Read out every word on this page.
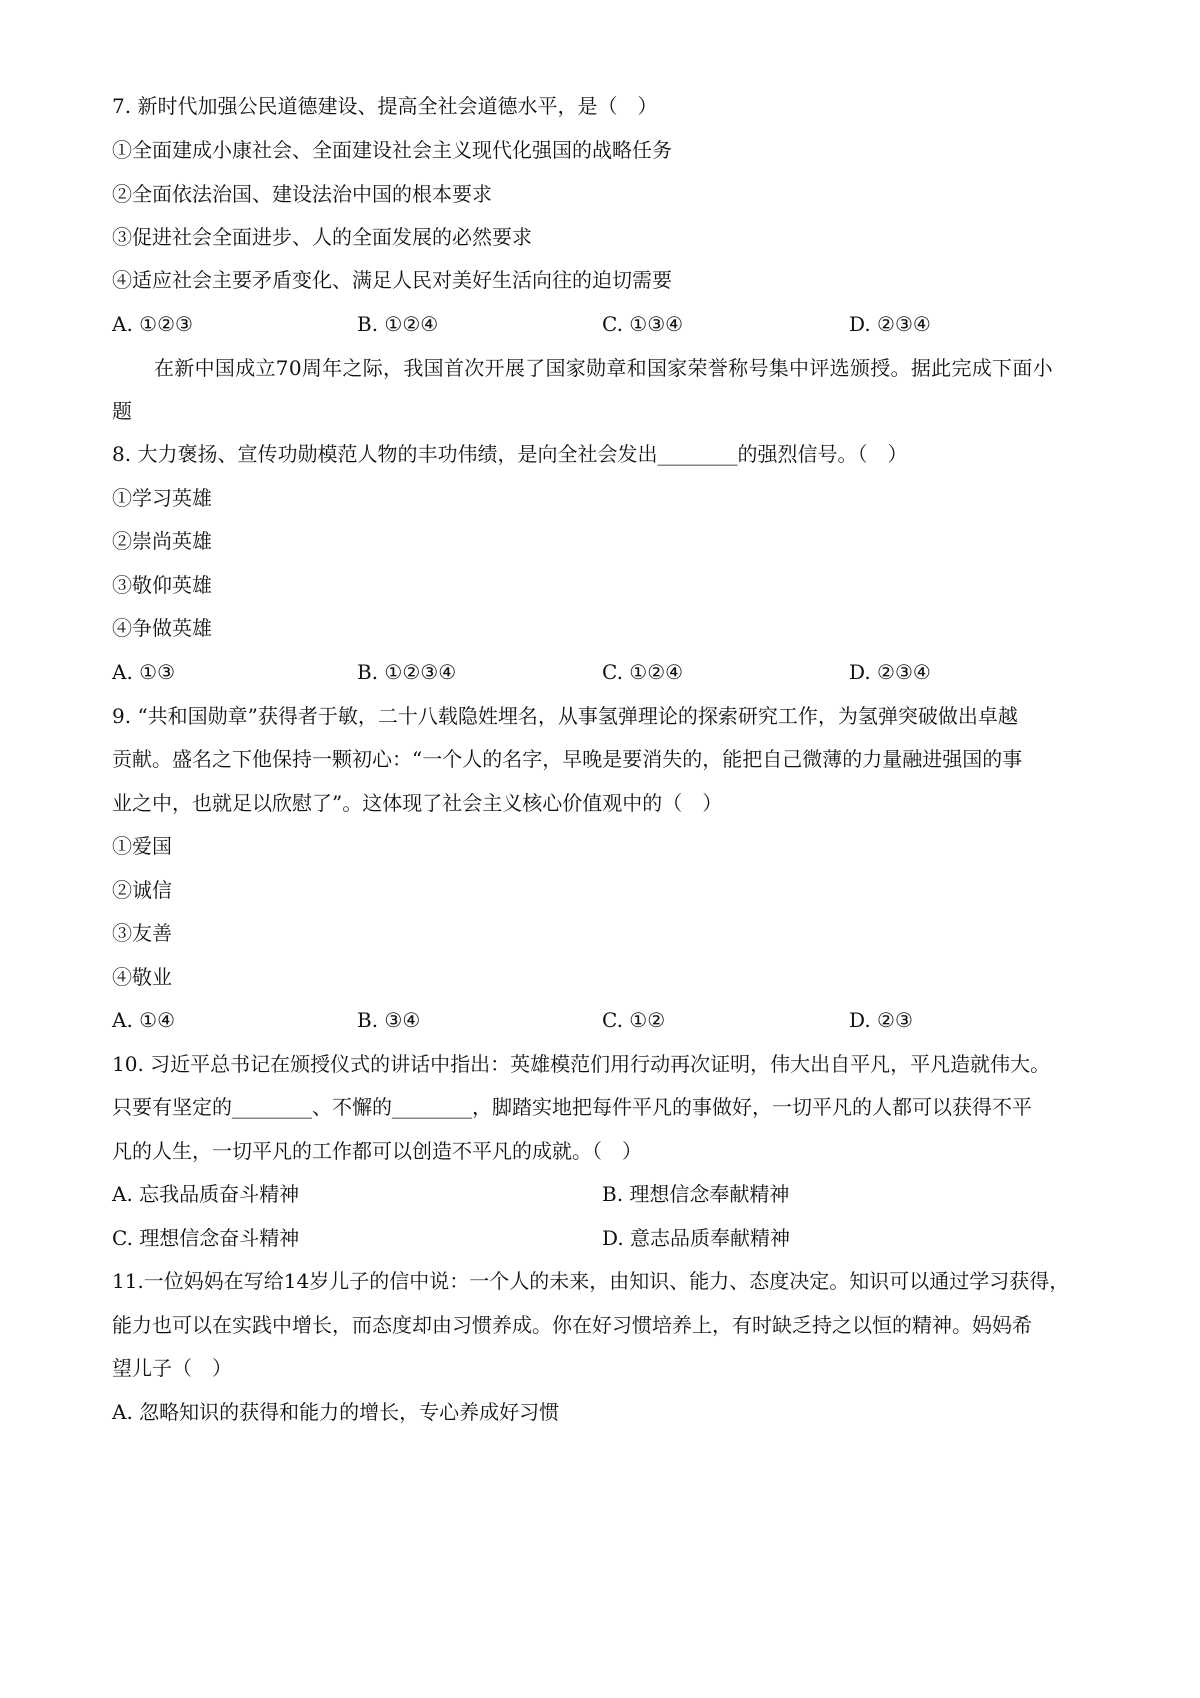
7. 新时代加强公民道德建设、提高全社会道德水平，是（　）
①全面建成小康社会、全面建设社会主义现代化强国的战略任务
②全面依法治国、建设法治中国的根本要求
③促进社会全面进步、人的全面发展的必然要求
④适应社会主要矛盾变化、满足人民对美好生活向往的迫切需要
A. ①②③	B. ①②④	C. ①③④	D. ②③④
在新中国成立70周年之际，我国首次开展了国家勋章和国家荣誉称号集中评选颁授。据此完成下面小
题
8. 大力褒扬、宣传功勋模范人物的丰功伟绩，是向全社会发出________的强烈信号。（　）
①学习英雄
②崇尚英雄
③敬仰英雄
④争做英雄
A. ①③	B. ①②③④	C. ①②④	D. ②③④
9. “共和国勋章”获得者于敏，二十八载隐姓埋名，从事氢弹理论的探索研究工作，为氢弹突破做出卓越
贡献。盛名之下他保持一颗初心：“一个人的名字，早晚是要消失的，能把自己微薄的力量融进强国的事
业之中，也就足以欣慰了”。这体现了社会主义核心价值观中的（　）
①爱国
②诚信
③友善
④敬业
A. ①④	B. ③④	C. ①②	D. ②③
10. 习近平总书记在颁授仪式的讲话中指出：英雄模范们用行动再次证明，伟大出自平凡，平凡造就伟大。
只要有坚定的________、不懈的________，脚踏实地把每件平凡的事做好，一切平凡的人都可以获得不平
凡的人生，一切平凡的工作都可以创造不平凡的成就。（　）
A. 忘我品质奋斗精神	B. 理想信念奉献精神
C. 理想信念奋斗精神	D. 意志品质奉献精神
11.一位妈妈在写给14岁儿子的信中说：一个人的未来，由知识、能力、态度决定。知识可以通过学习获得，
能力也可以在实践中增长，而态度却由习惯养成。你在好习惯培养上，有时缺乏持之以恒的精神。妈妈希
望儿子（　）
A. 忽略知识的获得和能力的增长，专心养成好习惯
